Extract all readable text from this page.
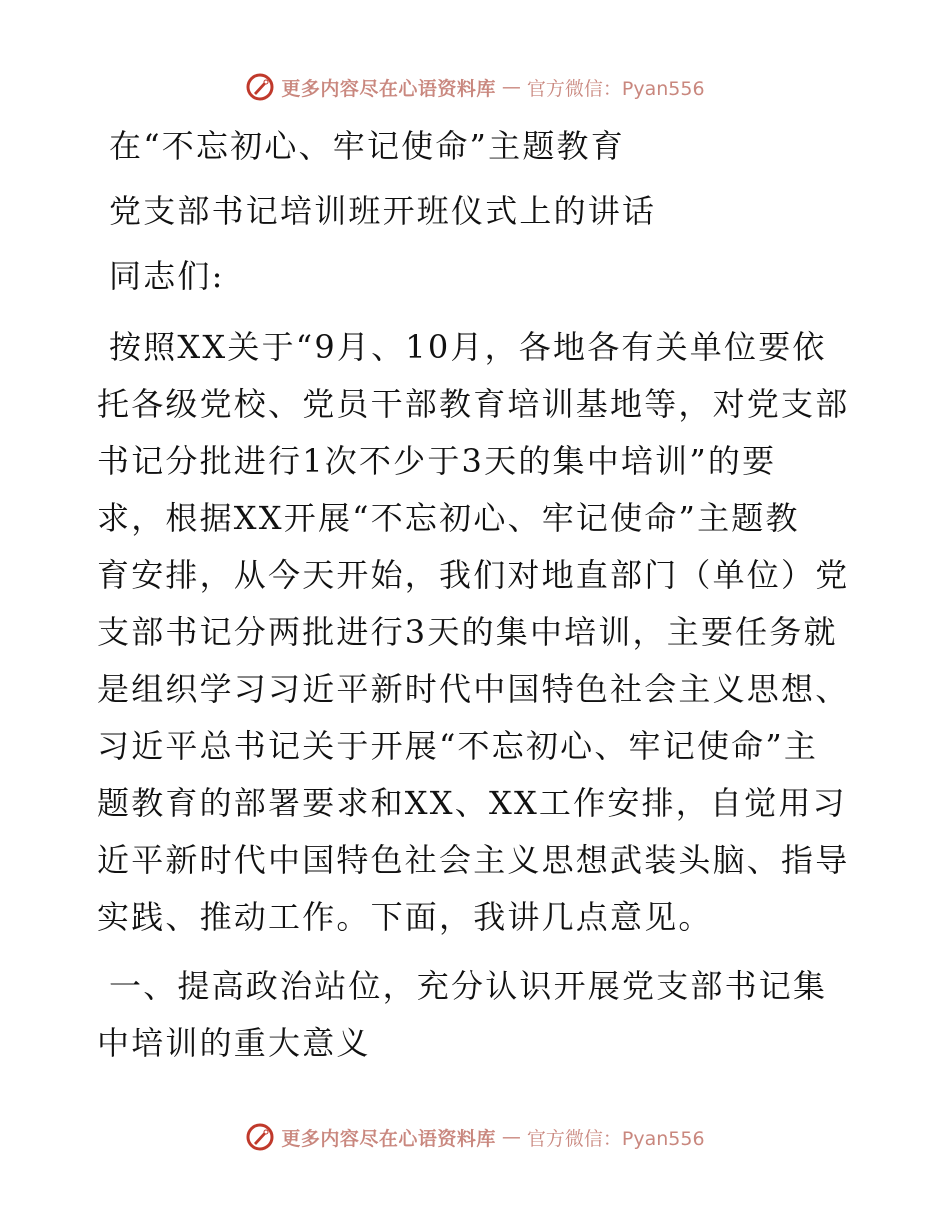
更多内容尽在心语资料库 — 官方微信：Pyan556

在“不忘初心、牢记使命”主题教育

党支部书记培训班开班仪式上的讲话

同志们:

按照XX关于“9月、10月，各地各有关单位要依

托各级党校、党员干部教育培训基地等，对党支部

书记分批进行1次不少于3天的集中培训”的要

求，根据XX开展“不忘初心、牢记使命”主题教

育安排，从今天开始，我们对地直部门（单位）党

支部书记分两批进行3天的集中培训，主要任务就

是组织学习习近平新时代中国特色社会主义思想、

习近平总书记关于开展“不忘初心、牢记使命”主

题教育的部署要求和XX、XX工作安排，自觉用习

近平新时代中国特色社会主义思想武装头脑、指导

实践、推动工作。下面，我讲几点意见。

一、提高政治站位，充分认识开展党支部书记集

中培训的重大意义

更多内容尽在心语资料库 — 官方微信：Pyan556
